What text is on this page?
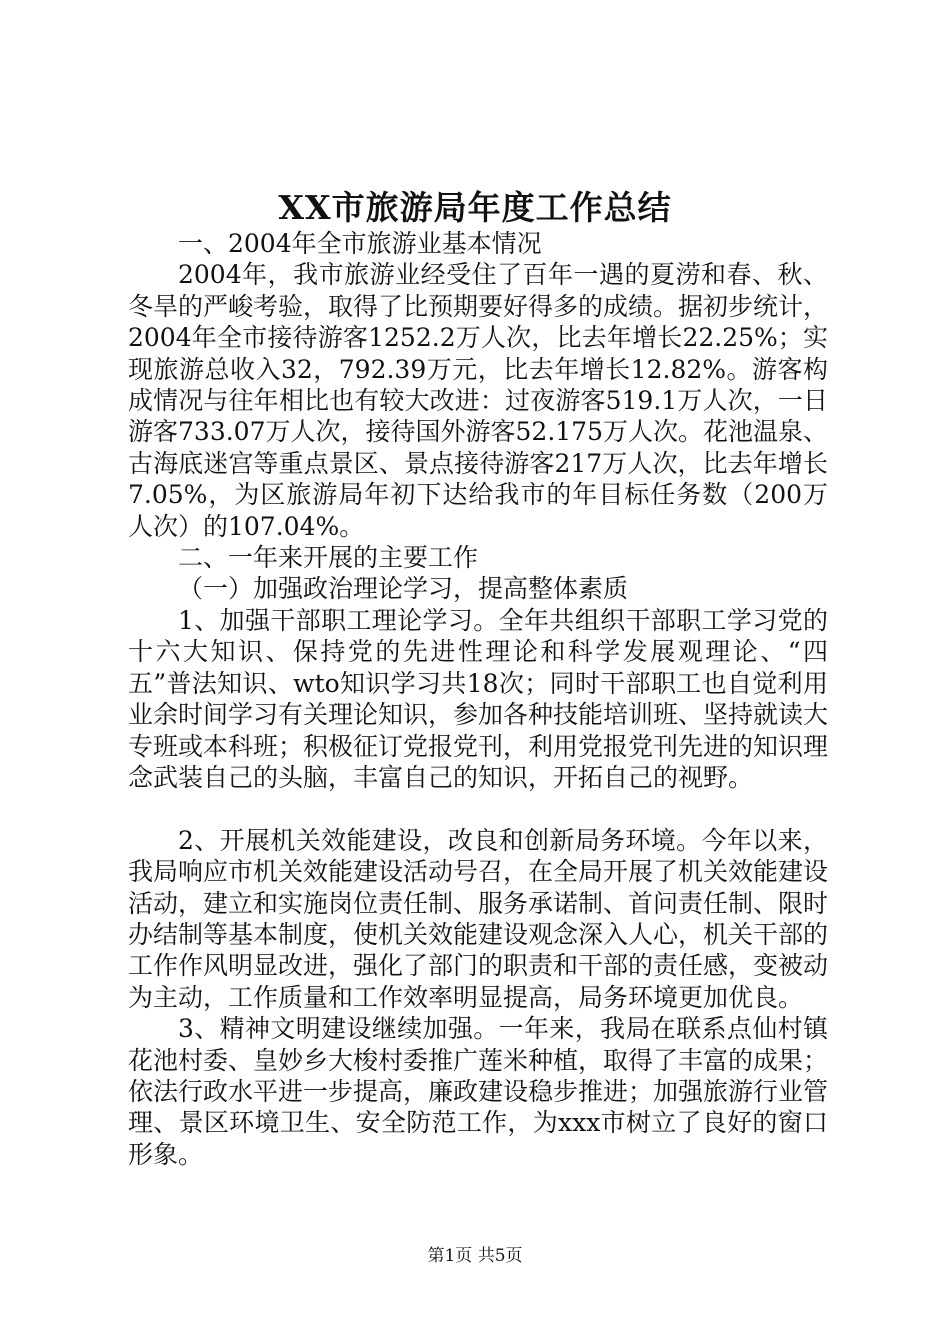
XX市旅游局年度工作总结

一、2004年全市旅游业基本情况

2004年，我市旅游业经受住了百年一遇的夏涝和春、秋、冬旱的严峻考验，取得了比预期要好得多的成绩。据初步统计，2004年全市接待游客1252.2万人次，比去年增长22.25%；实现旅游总收入32，792.39万元，比去年增长12.82%。游客构成情况与往年相比也有较大改进：过夜游客519.1万人次，一日游客733.07万人次，接待国外游客52.175万人次。花池温泉、古海底迷宫等重点景区、景点接待游客217万人次，比去年增长7.05%，为区旅游局年初下达给我市的年目标任务数（200万人次）的107.04%。

二、一年来开展的主要工作

（一）加强政治理论学习，提高整体素质

1、加强干部职工理论学习。全年共组织干部职工学习党的十六大知识、保持党的先进性理论和科学发展观理论、“四五”普法知识、wto知识学习共18次；同时干部职工也自觉利用业余时间学习有关理论知识，参加各种技能培训班、坚持就读大专班或本科班；积极征订党报党刊，利用党报党刊先进的知识理念武装自己的头脑，丰富自己的知识，开拓自己的视野。

2、开展机关效能建设，改良和创新局务环境。今年以来，我局响应市机关效能建设活动号召，在全局开展了机关效能建设活动，建立和实施岗位责任制、服务承诺制、首问责任制、限时办结制等基本制度，使机关效能建设观念深入人心，机关干部的工作作风明显改进，强化了部门的职责和干部的责任感，变被动为主动，工作质量和工作效率明显提高，局务环境更加优良。

3、精神文明建设继续加强。一年来，我局在联系点仙村镇花池村委、皇妙乡大梭村委推广莲米种植，取得了丰富的成果；依法行政水平进一步提高，廉政建设稳步推进；加强旅游行业管理、景区环境卫生、安全防范工作，为xxx市树立了良好的窗口形象。

第1页 共5页
